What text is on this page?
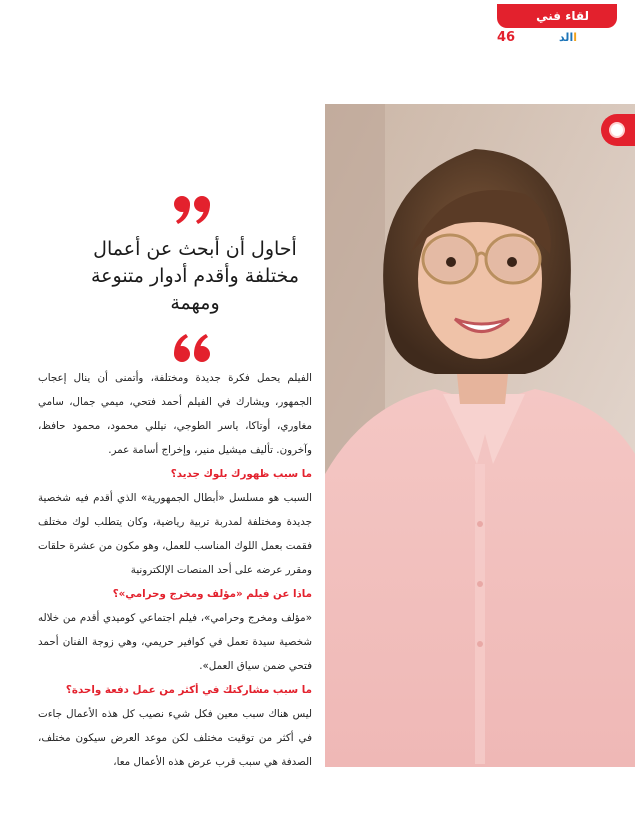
لقاء فني
46	االد
أحاول أن أبحث عن أعمال
مختلفة وأقدم أدوار متنوعة
ومهمة

الفيلم يحمل فكرة جديدة ومختلفة، وأتمنى أن ينال إعجاب الجمهور، ويشارك في الفيلم أحمد فتحي، ميمي جمال، سامي مغاوري، أوتاكا، ياسر الطوجي، نيللي محمود، محمود حافظ، وآخرون. تأليف ميشيل منير، وإخراج أسامة عمر.

ما سبب ظهورك بلوك جديد؟

السبب هو مسلسل «أبطال الجمهورية» الذي أقدم فيه شخصية جديدة ومختلفة لمدربة تربية رياضية، وكان يتطلب لوك مختلف فقمت بعمل اللوك المناسب للعمل، وهو مكون من عشرة حلقات ومقرر عرضه على أحد المنصات الإلكترونية

ماذا عن فيلم «مؤلف ومخرج وحرامي»؟

«مؤلف ومخرج وحرامي»، فيلم اجتماعي كوميدي أقدم من خلاله شخصية سيدة تعمل في كوافير حريمي، وهي زوجة الفنان أحمد فتحي ضمن سياق العمل».

ما سبب مشاركتك في أكثر من عمل دفعة واحدة؟

ليس هناك سبب معين فكل شيء نصيب كل هذه الأعمال جاءت في أكثر من توقيت مختلف لكن موعد العرض سيكون مختلف، الصدفة هي سبب قرب عرض هذه الأعمال معا،
